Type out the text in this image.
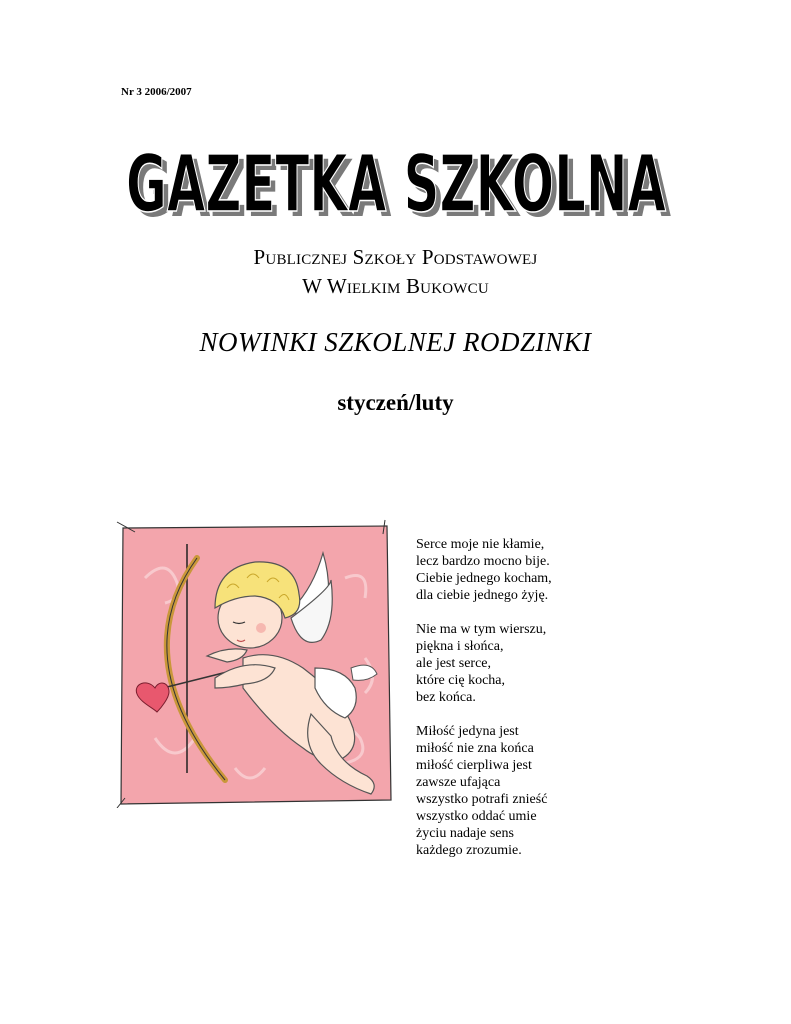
Nr 3 2006/2007
GAZETKA SZKOLNA
GAZETKA SZKOLNA
Publicznej Szkoły Podstawowej
W Wielkim Bukowcu
NOWINKI SZKOLNEJ RODZINKI
styczeń/luty
Serce moje nie kłamie,
lecz bardzo mocno bije.
Ciebie jednego kocham,
dla ciebie jednego żyję.
Nie ma w tym wierszu,
piękna i słońca,
ale jest serce,
które cię kocha,
bez końca.
Miłość jedyna jest
miłość nie zna końca
miłość cierpliwa jest
zawsze ufająca
wszystko potrafi znieść
wszystko oddać umie
życiu nadaje sens
każdego zrozumie.
